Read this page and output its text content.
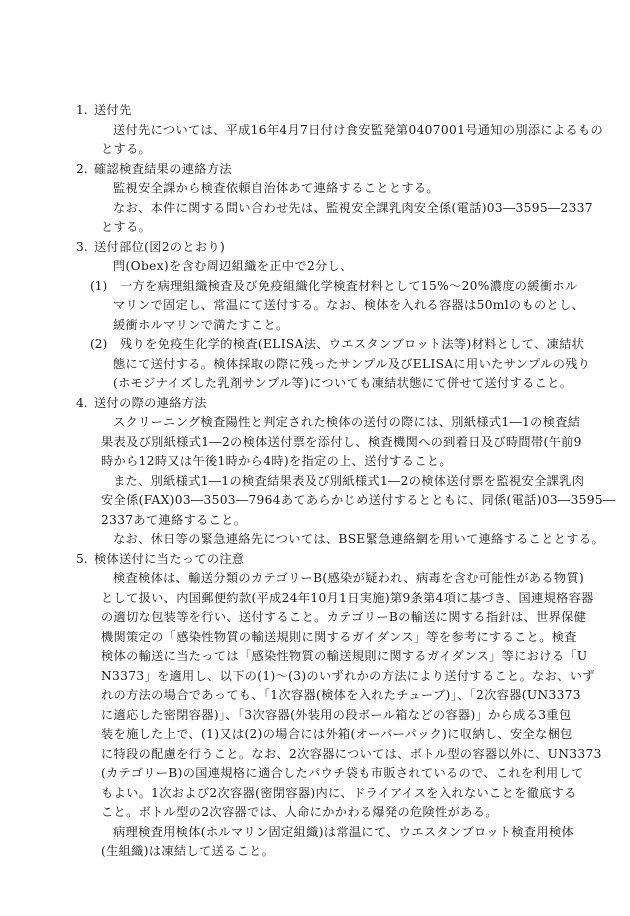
1. 送付先
送付先については、平成16年4月7日付け食安監発第0407001号通知の別添によるもの
とする。
2. 確認検査結果の連絡方法
監視安全課から検査依頼自治体あて連絡することとする。
なお、本件に関する問い合わせ先は、監視安全課乳肉安全係(電話)03―3595―2337
とする。
3. 送付部位(図2のとおり)
閂(Obex)を含む周辺組織を正中で2分し、
(1) 一方を病理組織検査及び免疫組織化学検査材料として15%～20%濃度の緩衝ホル
マリンで固定し、常温にて送付する。なお、検体を入れる容器は50mlのものとし、
緩衝ホルマリンで満たすこと。
(2) 残りを免疫生化学的検査(ELISA法、ウエスタンブロット法等)材料として、凍結状
態にて送付する。検体採取の際に残ったサンプル及びELISAに用いたサンプルの残り
(ホモジナイズした乳剤サンプル等)についても凍結状態にて併せて送付すること。
4. 送付の際の連絡方法
スクリーニング検査陽性と判定された検体の送付の際には、別紙様式1―1の検査結
果表及び別紙様式1―2の検体送付票を添付し、検査機関への到着日及び時間帯(午前9
時から12時又は午後1時から4時)を指定の上、送付すること。
また、別紙様式1―1の検査結果表及び別紙様式1―2の検体送付票を監視安全課乳肉
安全係(FAX)03―3503―7964あてあらかじめ送付するとともに、同係(電話)03―3595―
2337あて連絡すること。
なお、休日等の緊急連絡先については、BSE緊急連絡網を用いて連絡することとする。
5. 検体送付に当たっての注意
検査検体は、輸送分類のカテゴリーB(感染が疑われ、病毒を含む可能性がある物質)
として扱い、内国郵便約款(平成24年10月1日実施)第9条第4項に基づき、国連規格容器
の適切な包装等を行い、送付すること。カテゴリーBの輸送に関する指針は、世界保健
機関策定の「感染性物質の輸送規則に関するガイダンス」等を参考にすること。検査
検体の輸送に当たっては「感染性物質の輸送規則に関するガイダンス」等における「U
N3373」を適用し、以下の(1)～(3)のいずれかの方法により送付すること。なお、いず
れの方法の場合であっても、「1次容器(検体を入れたチューブ)」、「2次容器(UN3373
に適応した密閉容器)」、「3次容器(外装用の段ボール箱などの容器)」から成る3重包
装を施した上で、(1)又は(2)の場合には外箱(オーバーパック)に収納し、安全な梱包
に特段の配慮を行うこと。なお、2次容器については、ボトル型の容器以外に、UN3373
(カテゴリーB)の国連規格に適合したパウチ袋も市販されているので、これを利用して
もよい。1次および2次容器(密閉容器)内に、ドライアイスを入れないことを徹底する
こと。ボトル型の2次容器では、人命にかかわる爆発の危険性がある。
病理検査用検体(ホルマリン固定組織)は常温にて、ウエスタンブロット検査用検体
(生組織)は凍結して送ること。
